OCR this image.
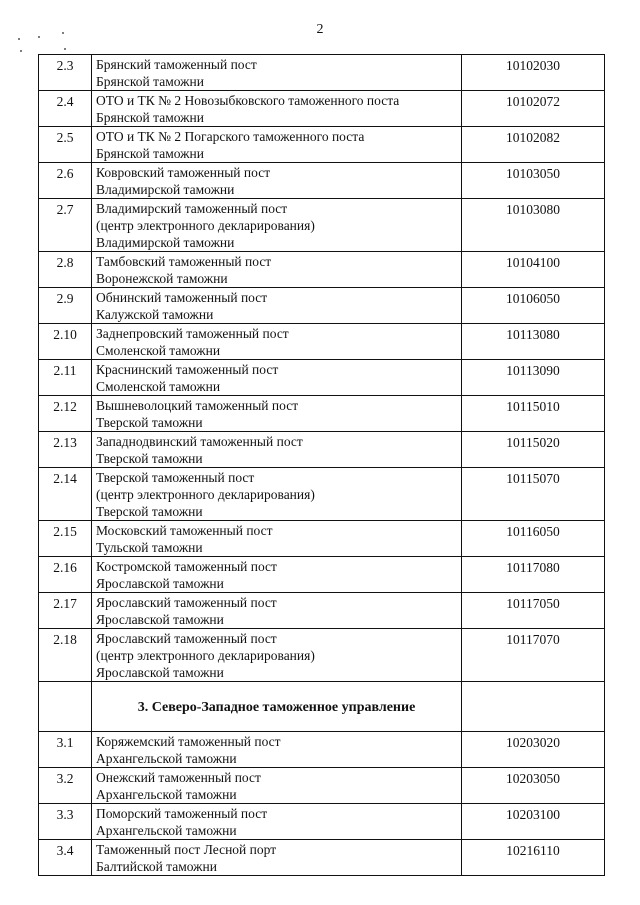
2
2.3	Брянский таможенный пост
Брянской таможни	10102030
2.4	ОТО и ТК № 2 Новозыбковского таможенного поста
Брянской таможни	10102072
2.5	ОТО и ТК № 2 Погарского таможенного поста
Брянской таможни	10102082
2.6	Ковровский таможенный пост
Владимирской таможни	10103050
2.7	Владимирский таможенный пост
(центр электронного декларирования)
Владимирской таможни	10103080
2.8	Тамбовский таможенный пост
Воронежской таможни	10104100
2.9	Обнинский таможенный пост
Калужской таможни	10106050
2.10	Заднепровский таможенный пост
Смоленской таможни	10113080
2.11	Краснинский таможенный пост
Смоленской таможни	10113090
2.12	Вышневолоцкий таможенный пост
Тверской таможни	10115010
2.13	Западнодвинский таможенный пост
Тверской таможни	10115020
2.14	Тверской таможенный пост
(центр электронного декларирования)
Тверской таможни	10115070
2.15	Московский таможенный пост
Тульской таможни	10116050
2.16	Костромской таможенный пост
Ярославской таможни	10117080
2.17	Ярославский таможенный пост
Ярославской таможни	10117050
2.18	Ярославский таможенный пост
(центр электронного декларирования)
Ярославской таможни	10117070
	3. Северо-Западное таможенное управление	
3.1	Коряжемский таможенный пост
Архангельской таможни	10203020
3.2	Онежский таможенный пост
Архангельской таможни	10203050
3.3	Поморский таможенный пост
Архангельской таможни	10203100
3.4	Таможенный пост Лесной порт
Балтийской таможни	10216110
